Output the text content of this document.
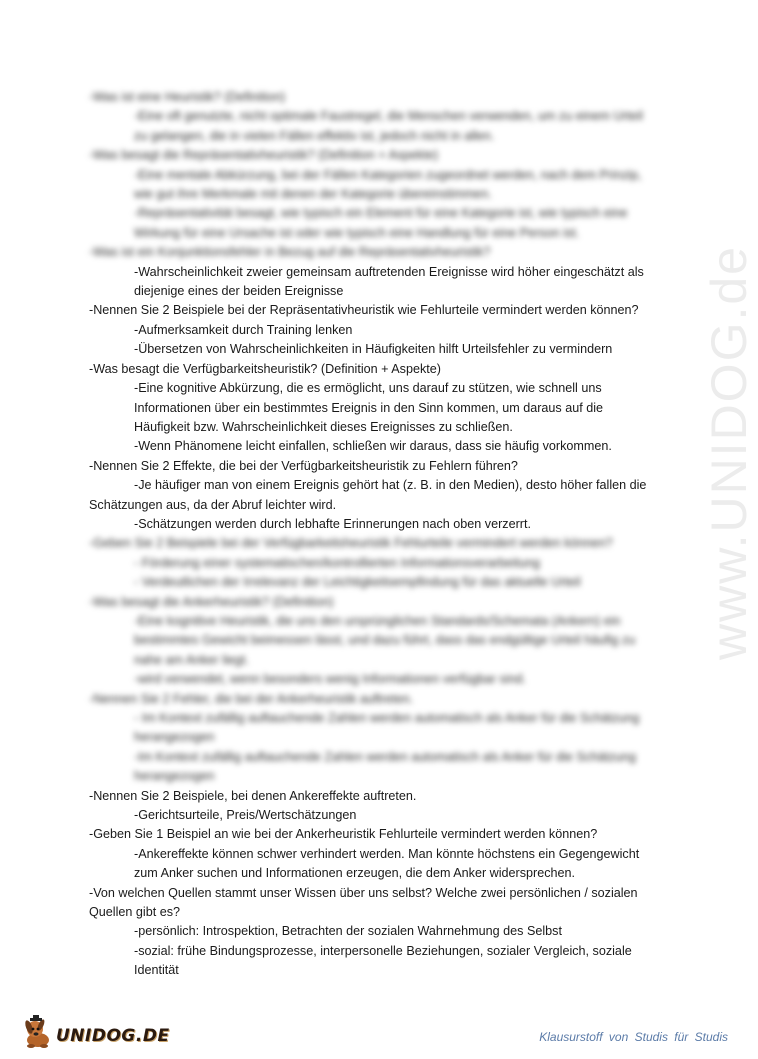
www.UNIDOG.de

-Was ist eine Heuristik? (Definition)

-Eine oft genutzte, nicht optimale Faustregel, die Menschen verwenden, um zu einem Urteil zu gelangen, die in vielen Fällen effektiv ist, jedoch nicht in allen.

-Was besagt die Repräsentativheuristik? (Definition + Aspekte)

-Eine mentale Abkürzung, bei der Fällen Kategorien zugeordnet werden, nach dem Prinzip, wie gut ihre Merkmale mit denen der Kategorie übereinstimmen.

-Repräsentativität besagt, wie typisch ein Element für eine Kategorie ist, wie typisch eine Wirkung für eine Ursache ist oder wie typisch eine Handlung für eine Person ist.

-Was ist ein Konjunktionsfehler in Bezug auf die Repräsentativheuristik?

-Wahrscheinlichkeit zweier gemeinsam auftretenden Ereignisse wird höher eingeschätzt als diejenige eines der beiden Ereignisse

-Nennen Sie 2 Beispiele bei der Repräsentativheuristik wie Fehlurteile vermindert werden können?

-Aufmerksamkeit durch Training lenken

-Übersetzen von Wahrscheinlichkeiten in Häufigkeiten hilft Urteilsfehler zu vermindern

-Was besagt die Verfügbarkeitsheuristik? (Definition + Aspekte)

-Eine kognitive Abkürzung, die es ermöglicht, uns darauf zu stützen, wie schnell uns Informationen über ein bestimmtes Ereignis in den Sinn kommen, um daraus auf die Häufigkeit bzw. Wahrscheinlichkeit dieses Ereignisses zu schließen.

-Wenn Phänomene leicht einfallen, schließen wir daraus, dass sie häufig vorkommen.

-Nennen Sie 2 Effekte, die bei der Verfügbarkeitsheuristik zu Fehlern führen?

-Je häufiger man von einem Ereignis gehört hat (z. B. in den Medien), desto höher fallen die Schätzungen aus, da der Abruf leichter wird.

-Schätzungen werden durch lebhafte Erinnerungen nach oben verzerrt.

-Geben Sie 2 Beispiele bei der Verfügbarkeitsheuristik Fehlurteile vermindert werden können?

- Förderung einer systematischen/kontrollierten Informationsverarbeitung

- Verdeutlichen der Irrelevanz der Leichtigkeitsempfindung für das aktuelle Urteil

-Was besagt die Ankerheuristik? (Definition)

-Eine kognitive Heuristik, die uns den ursprünglichen Standards/Schemata (Ankern) ein bestimmtes Gewicht beimessen lässt, und dazu führt, dass das endgültige Urteil häufig zu nahe am Anker liegt.

-wird verwendet, wenn besonders wenig Informationen verfügbar sind.

-Nennen Sie 2 Fehler, die bei der Ankerheuristik auftreten.

- Im Kontext zufällig auftauchende Zahlen werden automatisch als Anker für die Schätzung herangezogen

-Im Kontext zufällig auftauchende Zahlen werden automatisch als Anker für die Schätzung herangezogen

-Nennen Sie 2 Beispiele, bei denen Ankereffekte auftreten.

-Gerichtsurteile, Preis/Wertschätzungen

-Geben Sie 1 Beispiel an wie bei der Ankerheuristik Fehlurteile vermindert werden können?

-Ankereffekte können schwer verhindert werden. Man könnte höchstens ein Gegengewicht zum Anker suchen und Informationen erzeugen, die dem Anker widersprechen.

-Von welchen Quellen stammt unser Wissen über uns selbst? Welche zwei persönlichen / sozialen Quellen gibt es?

-persönlich: Introspektion, Betrachten der sozialen Wahrnehmung des Selbst

-sozial: frühe Bindungsprozesse, interpersonelle Beziehungen, sozialer Vergleich, soziale Identität

UNIDOG.DE	Klausurstoff von Studis für Studis
